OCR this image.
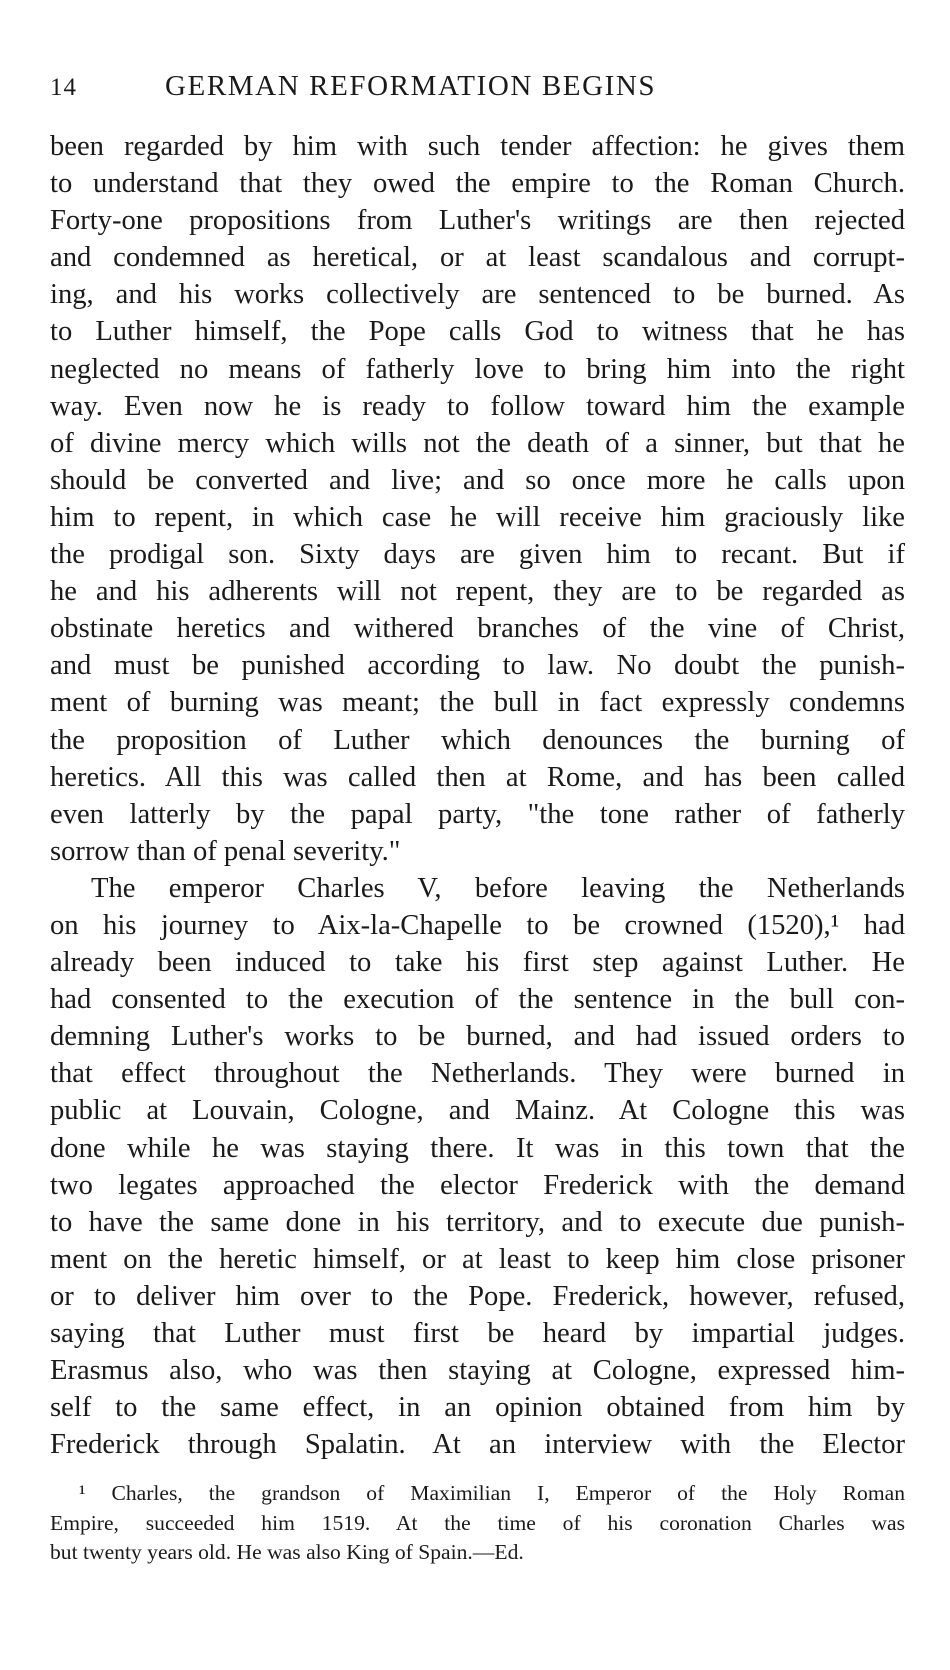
14	GERMAN REFORMATION BEGINS
been regarded by him with such tender affection: he gives them
to understand that they owed the empire to the Roman Church.
Forty-one propositions from Luther's writings are then rejected
and condemned as heretical, or at least scandalous and corrupt-
ing, and his works collectively are sentenced to be burned. As
to Luther himself, the Pope calls God to witness that he has
neglected no means of fatherly love to bring him into the right
way. Even now he is ready to follow toward him the example
of divine mercy which wills not the death of a sinner, but that he
should be converted and live; and so once more he calls upon
him to repent, in which case he will receive him graciously like
the prodigal son. Sixty days are given him to recant. But if
he and his adherents will not repent, they are to be regarded as
obstinate heretics and withered branches of the vine of Christ,
and must be punished according to law. No doubt the punish-
ment of burning was meant; the bull in fact expressly condemns
the proposition of Luther which denounces the burning of
heretics. All this was called then at Rome, and has been called
even latterly by the papal party, "the tone rather of fatherly
sorrow than of penal severity."
The emperor Charles V, before leaving the Netherlands
on his journey to Aix-la-Chapelle to be crowned (1520),¹ had
already been induced to take his first step against Luther. He
had consented to the execution of the sentence in the bull con-
demning Luther's works to be burned, and had issued orders to
that effect throughout the Netherlands. They were burned in
public at Louvain, Cologne, and Mainz. At Cologne this was
done while he was staying there. It was in this town that the
two legates approached the elector Frederick with the demand
to have the same done in his territory, and to execute due punish-
ment on the heretic himself, or at least to keep him close prisoner
or to deliver him over to the Pope. Frederick, however, refused,
saying that Luther must first be heard by impartial judges.
Erasmus also, who was then staying at Cologne, expressed him-
self to the same effect, in an opinion obtained from him by
Frederick through Spalatin. At an interview with the Elector
¹ Charles, the grandson of Maximilian I, Emperor of the Holy Roman
Empire, succeeded him 1519. At the time of his coronation Charles was
but twenty years old. He was also King of Spain.—Ed.
